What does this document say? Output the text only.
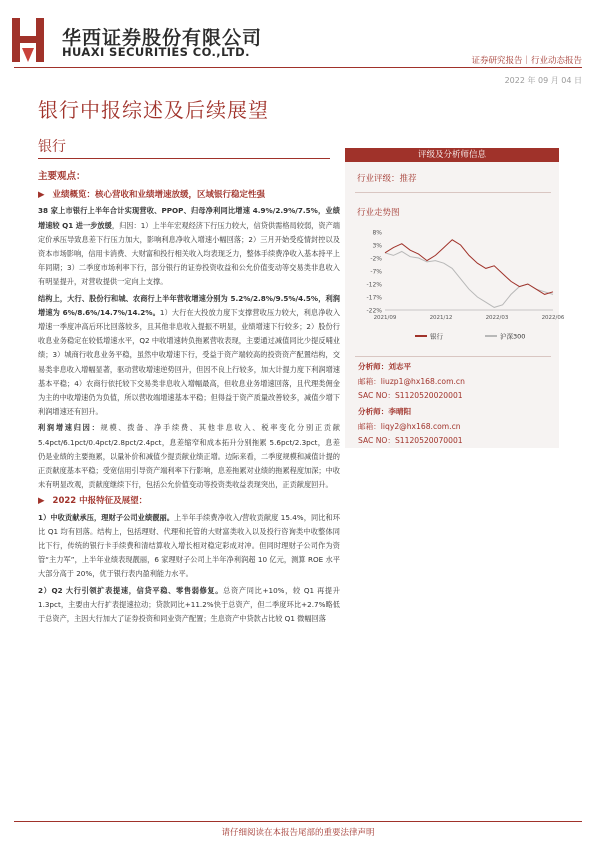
华西证券股份有限公司
HUAXI SECURITIES CO.,LTD.
证券研究报告｜行业动态报告
2022 年 09 月 04 日
银行中报综述及后续展望
银行
主要观点：
▶ 业绩概览：核心营收和业绩增速放缓，区域银行稳定性强

38 家上市银行上半年合计实现营收、PPOP、归母净利同比增速 4.9%/2.9%/7.5%，业绩增速较 Q1 进一步放缓，归因：1）上半年宏观经济下行压力较大，信贷供需格局较弱，资产端定价承压导致息差下行压力加大，影响利息净收入增速小幅回落；2）三月开始受疫情封控以及资本市场影响，信用卡消费、大财富和投行相关收入均表现乏力，整体手续费净收入基本持平上年同期；3）二季度市场利率下行，部分银行的证券投资收益和公允价值变动等交易类非息收入有明显提升，对营收提供一定向上支撑。

结构上，大行、股份行和城、农商行上半年营收增速分别为 5.2%/2.8%/9.5%/4.5%，利润增速为 6%/8.6%/14.7%/14.2%。1）大行在大投放力度下支撑营收压力较大，利息净收入增速一季度冲高后环比回落较多，且其他非息收入提振不明显，业绩增速下行较多；2）股份行收息业务稳定在较低增速水平，Q2 中收增速转负拖累营收表现，主要通过减值同比少提反哺业绩；3）城商行收息业务平稳，虽然中收增速下行，受益于资产端较高的投资资产配置结构，交易类非息收入增幅显著，驱动营收增速逆势回升，但因不良上行较多，加大计提力度下利润增速基本平稳；4）农商行依托较下交易类非息收入增幅最高，但收息业务增速回落，且代理类佣金为主的中收增速仍为负值，所以营收端增速基本平稳；但得益于资产质量改善较多，减值少增下利润增速还有回升。

利润增速归因：规模、拨备、净手续费、其他非息收入、税率变化分别正贡献 5.4pct/6.1pct/0.4pct/2.8pct/2.4pct，息差缩窄和成本拓升分别拖累 5.6pct/2.3pct，息差仍是业绩的主要拖累，以量补价和减值少提贡献业绩正增。边际来看，二季度规模和减值计提的正贡献度基本平稳；受宽信用引导资产端利率下行影响，息差拖累对业绩的拖累程度加深；中收未有明显改观，贡献度继续下行，包括公允价值变动等投资类收益表现突出，正贡献度回升。

▶ 2022 中报特征及展望：

1）中收贡献承压，理财子公司业绩靓丽。上半年手续费净收入/营收贡献度 15.4%，同比和环比 Q1 均有回落。结构上，包括理财、代理和托管的大财富类收入以及投行咨询类中收整体同比下行，传统的银行卡手续费和清结算收入增长相对稳定彩成对冲。但同时理财子公司作为资管“主力军”，上半年业绩表现靓丽，6 家理财子公司上半年净利润超 10 亿元，测算 ROE 水平大部分高于 20%，优于银行表内盈利能力水平。

2）Q2 大行引领扩表提速，信贷平稳、零售弱修复。总资产同比+10%，较 Q1 再提升 1.3pct，主要由大行扩表提速拉动；贷款同比+11.2%快于总资产，但二季度环比+2.7%略低于总资产，主因大行加大了证券投资和同业资产配置；生息资产中贷款占比较 Q1 微幅回落

评级及分析师信息
行业评级：推荐
行业走势图
8%
3%
-2%
-7%
-12%
-17%
-22%
2021/09	2021/12	2022/03	2022/06
银行	沪深300
分析师：刘志平
邮箱：liuzp1@hx168.com.cn
SAC NO：S1120520020001
分析师：李晴阳
邮箱：liqy2@hx168.com.cn
SAC NO：S1120520070001
请仔细阅读在本报告尾部的重要法律声明
